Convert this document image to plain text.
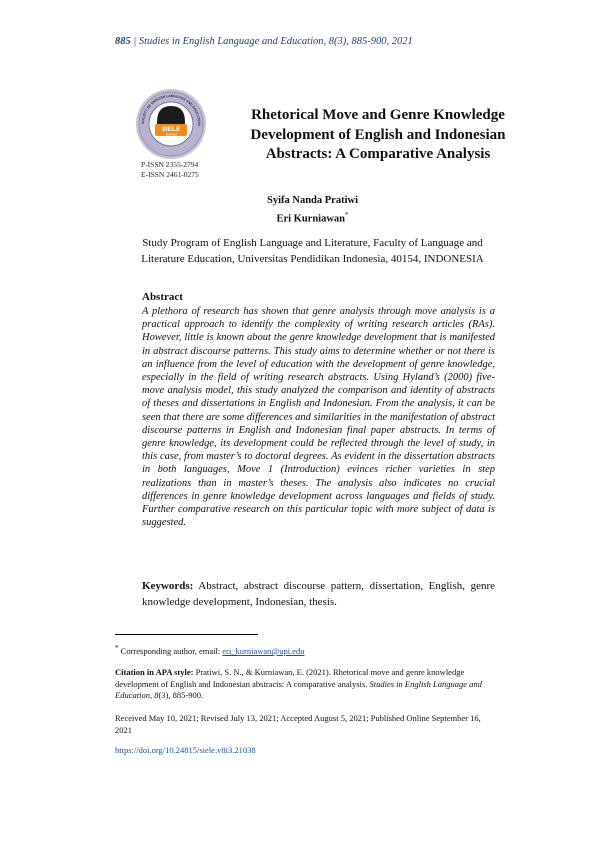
885 | Studies in English Language and Education, 8(3), 885-900, 2021
SOCIETY OF ENGLISH LANGUAGE AND EDUCATION
SIELE
Journal
P-ISSN 2355-2794
E-ISSN 2461-0275
Rhetorical Move and Genre Knowledge Development of English and Indonesian Abstracts: A Comparative Analysis
Syifa Nanda Pratiwi
Eri Kurniawan*
Study Program of English Language and Literature, Faculty of Language and Literature Education, Universitas Pendidikan Indonesia, 40154, INDONESIA
Abstract
A plethora of research has shown that genre analysis through move analysis is a practical approach to identify the complexity of writing research articles (RAs). However, little is known about the genre knowledge development that is manifested in abstract discourse patterns. This study aims to determine whether or not there is an influence from the level of education with the development of genre knowledge, especially in the field of writing research abstracts. Using Hyland’s (2000) five-move analysis model, this study analyzed the comparison and identity of abstracts of theses and dissertations in English and Indonesian. From the analysis, it can be seen that there are some differences and similarities in the manifestation of abstract discourse patterns in English and Indonesian final paper abstracts. In terms of genre knowledge, its development could be reflected through the level of study, in this case, from master’s to doctoral degrees. As evident in the dissertation abstracts in both languages, Move 1 (Introduction) evinces richer varieties in step realizations than in master’s theses. The analysis also indicates no crucial differences in genre knowledge development across languages and fields of study. Further comparative research on this particular topic with more subject of data is suggested.
Keywords: Abstract, abstract discourse pattern, dissertation, English, genre knowledge development, Indonesian, thesis.
* Corresponding author, email: eri_kurniawan@upi.edu
Citation in APA style: Pratiwi, S. N., & Kurniawan, E. (2021). Rhetorical move and genre knowledge development of English and Indonesian abstracts: A comparative analysis. Studies in English Language and Education, 8(3), 885-900.
Received May 10, 2021; Revised July 13, 2021; Accepted August 5, 2021; Published Online September 16, 2021
https://doi.org/10.24815/siele.v8i3.21038
